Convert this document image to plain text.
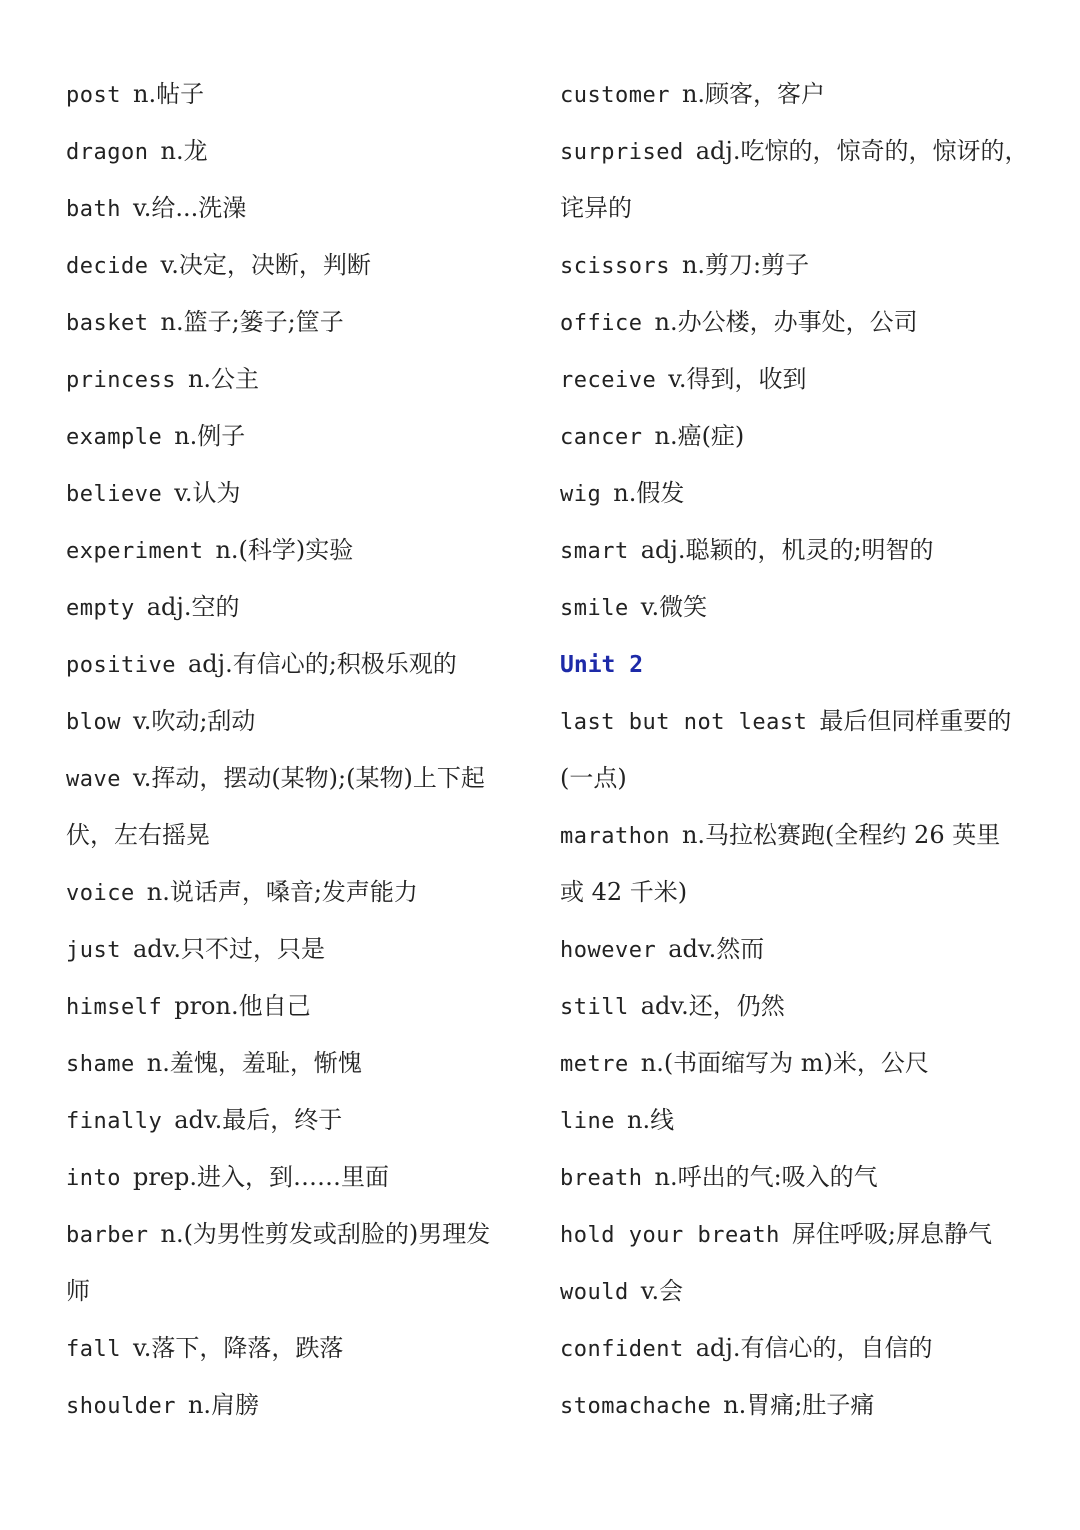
post n.帖子
dragon n.龙
bath v.给...洗澡
decide v.决定，决断，判断
basket n.篮子;篓子;筐子
princess n.公主
example n.例子
believe v.认为
experiment n.(科学)实验
empty adj.空的
positive adj.有信心的;积极乐观的
blow v.吹动;刮动
wave v.挥动，摆动(某物);(某物)上下起
伏，左右摇晃
voice n.说话声，嗓音;发声能力
just adv.只不过，只是
himself pron.他自己
shame n.羞愧，羞耻，惭愧
finally adv.最后，终于
into prep.进入，到……里面
barber n.(为男性剪发或刮脸的)男理发
师
fall v.落下，降落，跌落
shoulder n.肩膀
customer n.顾客，客户
surprised adj.吃惊的，惊奇的，惊讶的，
诧异的
scissors n.剪刀:剪子
office n.办公楼，办事处，公司
receive v.得到，收到
cancer n.癌(症)
wig n.假发
smart adj.聪颖的，机灵的;明智的
smile v.微笑
Unit 2
last but not least 最后但同样重要的
(一点)
marathon n.马拉松赛跑(全程约 26 英里
或 42 千米)
however adv.然而
still adv.还，仍然
metre n.(书面缩写为 m)米，公尺
line n.线
breath n.呼出的气:吸入的气
hold your breath 屏住呼吸;屏息静气
would v.会
confident adj.有信心的，自信的
stomachache n.胃痛;肚子痛
